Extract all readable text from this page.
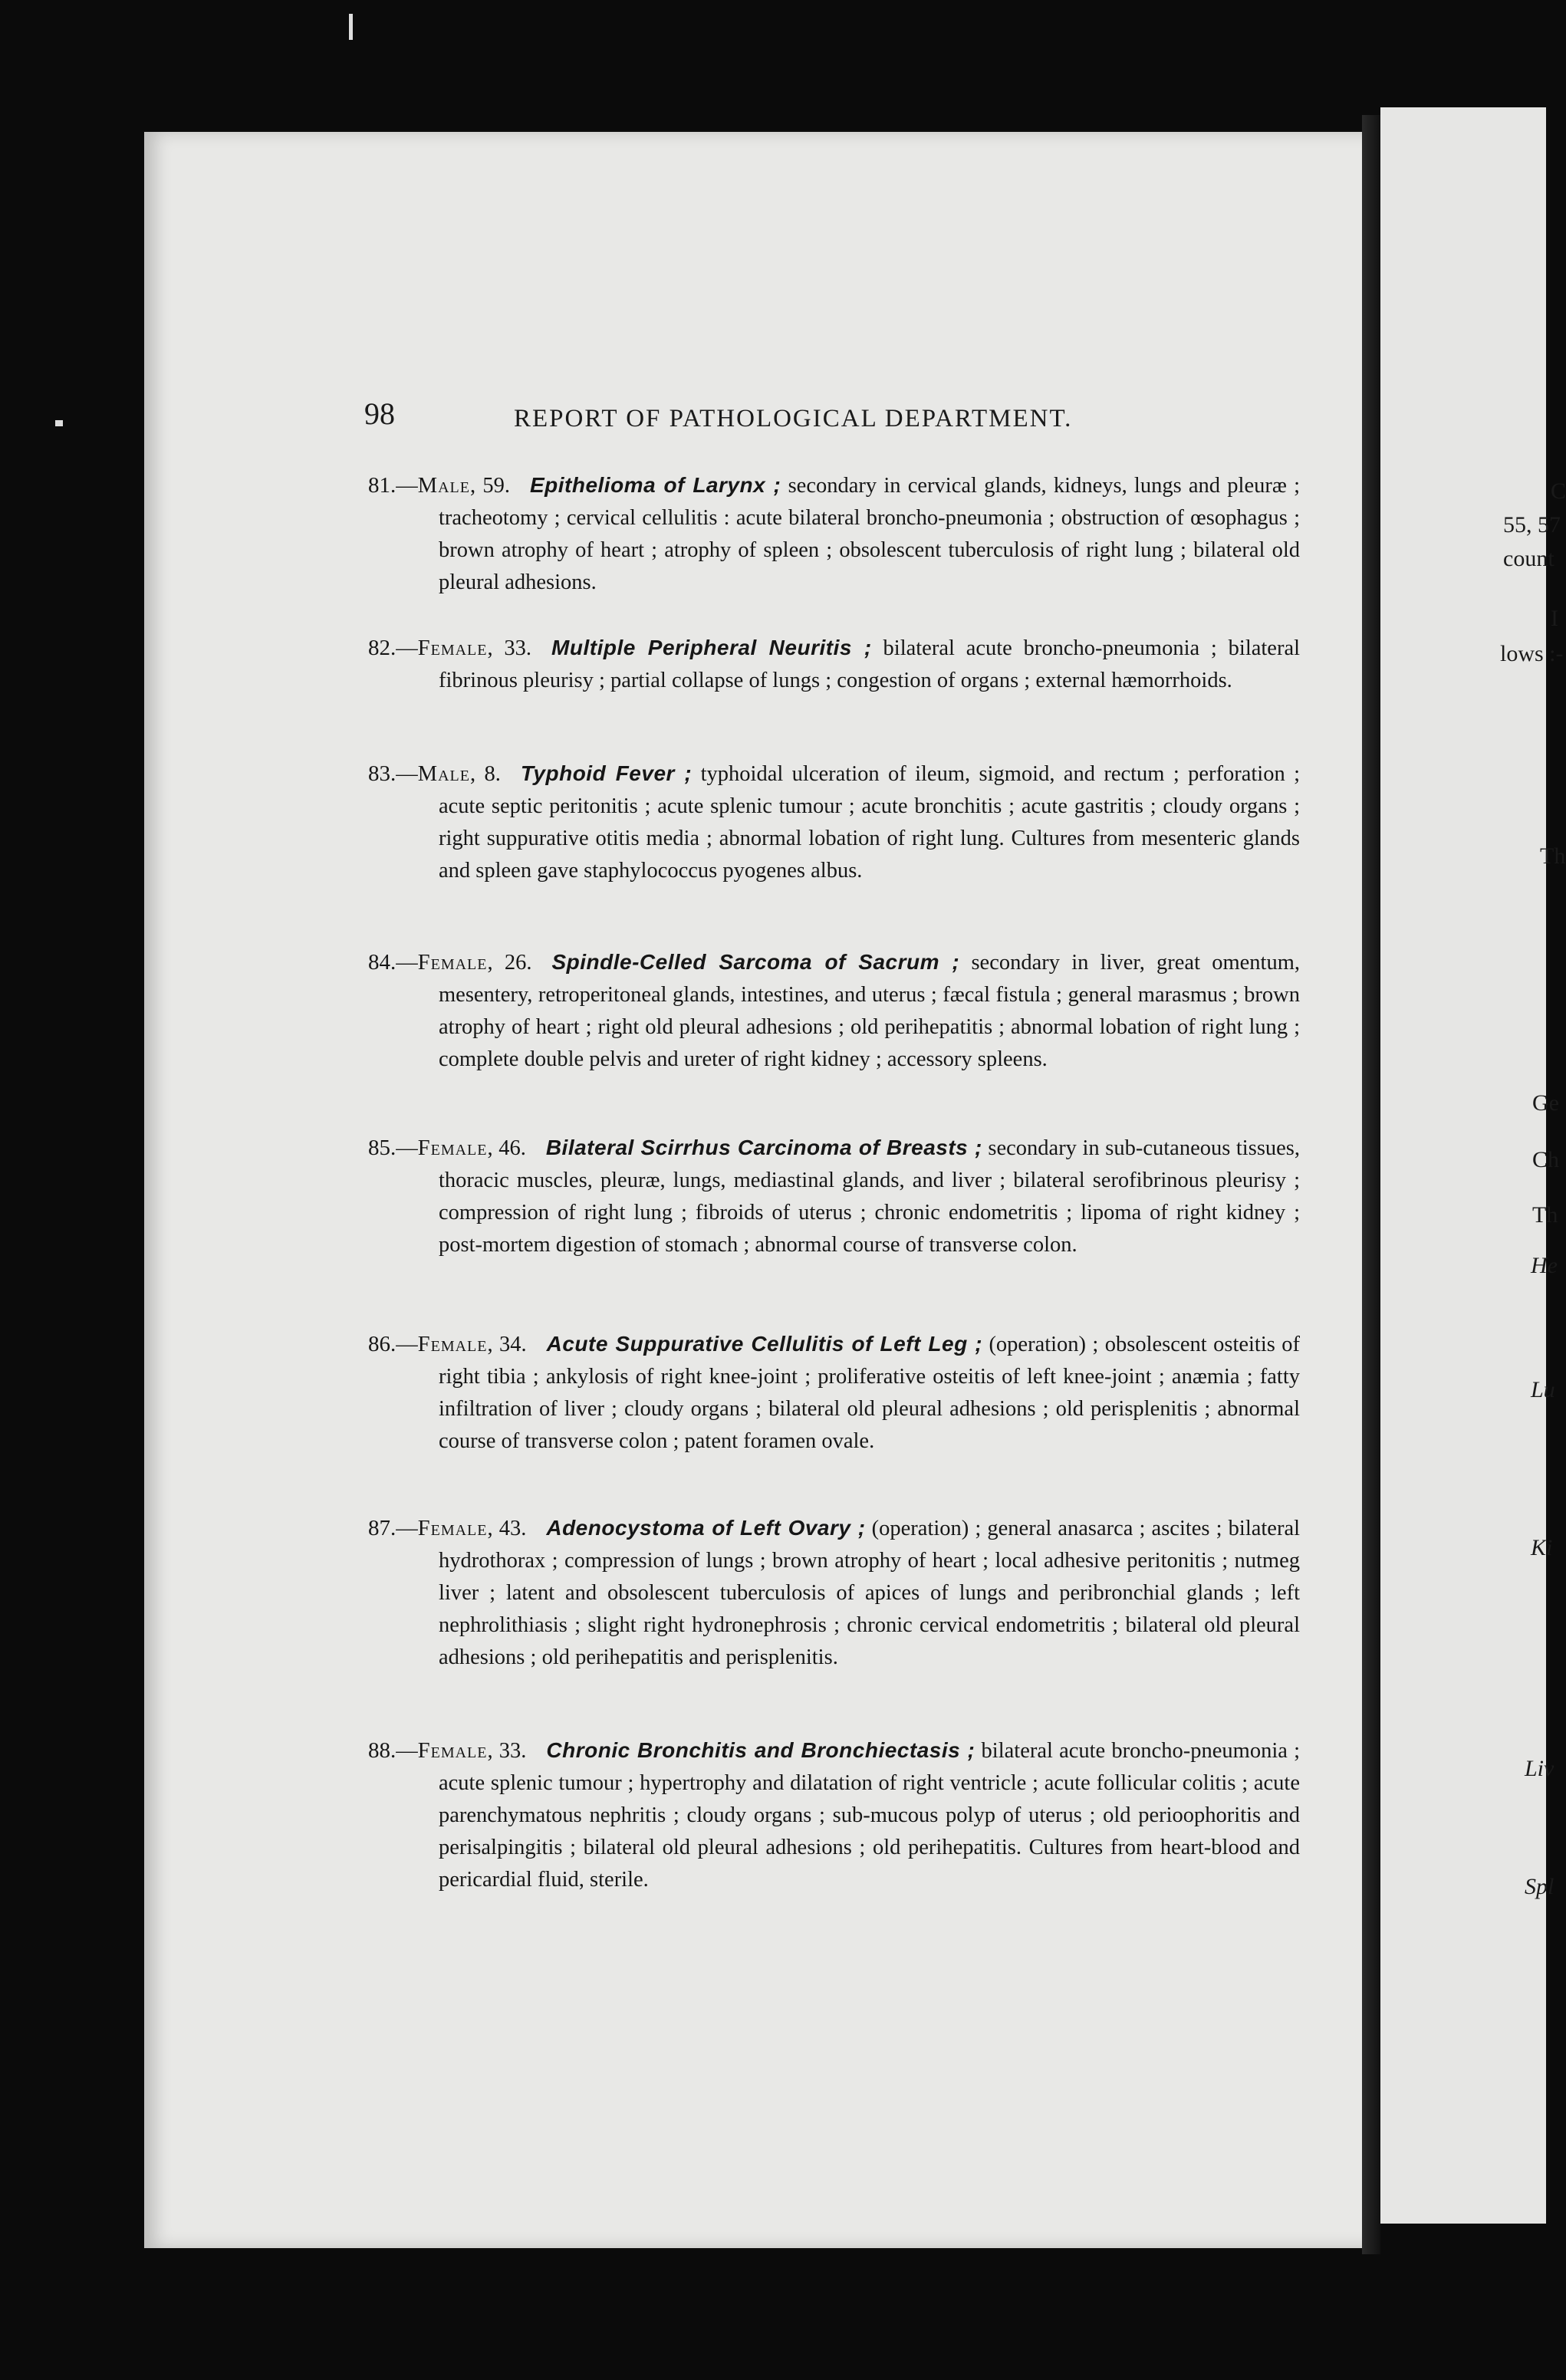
C
55, 57
count
I
lows :-
Th
Ge
Ch
Th
He
Lu
Ki
Liv
Spl
98	REPORT OF PATHOLOGICAL DEPARTMENT.

81.—Male, 59. Epithelioma of Larynx ; secondary in cervical glands, kidneys, lungs and pleuræ ; tracheotomy ; cervical cellulitis : acute bilateral broncho-pneumonia ; obstruction of œsophagus ; brown atrophy of heart ; atrophy of spleen ; obsolescent tuberculosis of right lung ; bilateral old pleural adhesions.

82.—Female, 33. Multiple Peripheral Neuritis ; bilateral acute broncho-pneumonia ; bilateral fibrinous pleurisy ; partial collapse of lungs ; congestion of organs ; external hæmorrhoids.

83.—Male, 8. Typhoid Fever ; typhoidal ulceration of ileum, sigmoid, and rectum ; perforation ; acute septic peritonitis ; acute splenic tumour ; acute bronchitis ; acute gastritis ; cloudy organs ; right suppurative otitis media ; abnormal lobation of right lung. Cultures from mesenteric glands and spleen gave staphylococcus pyogenes albus.

84.—Female, 26. Spindle-Celled Sarcoma of Sacrum ; secondary in liver, great omentum, mesentery, retroperitoneal glands, intestines, and uterus ; fæcal fistula ; general marasmus ; brown atrophy of heart ; right old pleural adhesions ; old perihepatitis ; abnormal lobation of right lung ; complete double pelvis and ureter of right kidney ; accessory spleens.

85.—Female, 46. Bilateral Scirrhus Carcinoma of Breasts ; secondary in sub-cutaneous tissues, thoracic muscles, pleuræ, lungs, mediastinal glands, and liver ; bilateral serofibrinous pleurisy ; compression of right lung ; fibroids of uterus ; chronic endometritis ; lipoma of right kidney ; post-mortem digestion of stomach ; abnormal course of transverse colon.

86.—Female, 34. Acute Suppurative Cellulitis of Left Leg ; (operation) ; obsolescent osteitis of right tibia ; ankylosis of right knee-joint ; proliferative osteitis of left knee-joint ; anæmia ; fatty infiltration of liver ; cloudy organs ; bilateral old pleural adhesions ; old perisplenitis ; abnormal course of transverse colon ; patent foramen ovale.

87.—Female, 43. Adenocystoma of Left Ovary ; (operation) ; general anasarca ; ascites ; bilateral hydrothorax ; compression of lungs ; brown atrophy of heart ; local adhesive peritonitis ; nutmeg liver ; latent and obsolescent tuberculosis of apices of lungs and peribronchial glands ; left nephrolithiasis ; slight right hydronephrosis ; chronic cervical endometritis ; bilateral old pleural adhesions ; old perihepatitis and perisplenitis.

88.—Female, 33. Chronic Bronchitis and Bronchiectasis ; bilateral acute broncho-pneumonia ; acute splenic tumour ; hypertrophy and dilatation of right ventricle ; acute follicular colitis ; acute parenchymatous nephritis ; cloudy organs ; sub-mucous polyp of uterus ; old perioophoritis and perisalpingitis ; bilateral old pleural adhesions ; old perihepatitis. Cultures from heart-blood and pericardial fluid, sterile.
